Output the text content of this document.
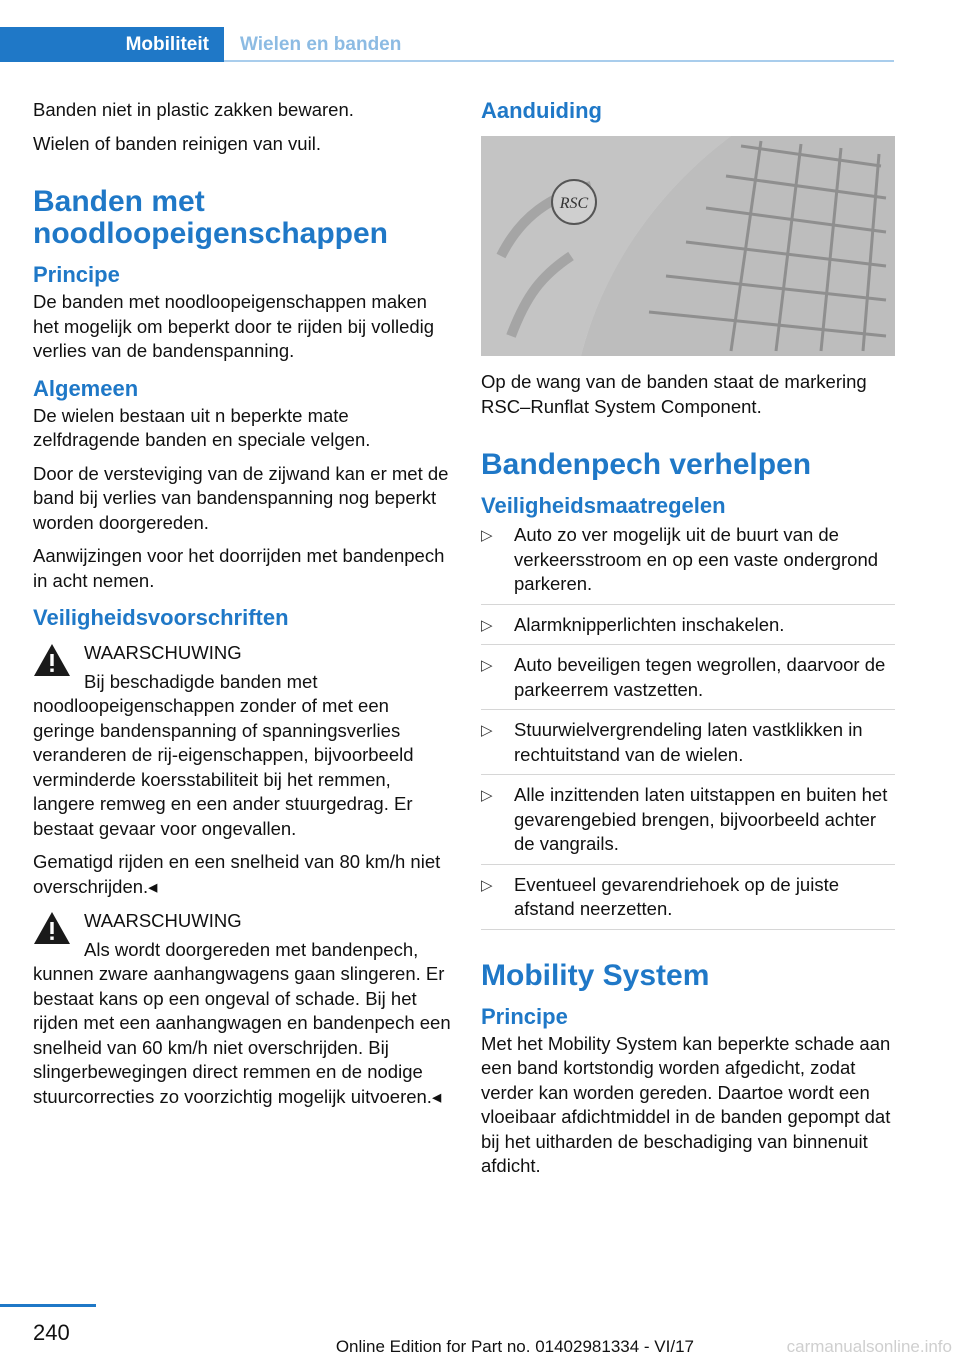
Mobiliteit	Wielen en banden

Banden niet in plastic zakken bewaren.

Wielen of banden reinigen van vuil.

Banden met noodloopeigenschappen
Principe

De banden met noodloopeigenschappen maken het mogelijk om beperkt door te rijden bij volledig verlies van de bandenspanning.

Algemeen

De wielen bestaan uit n beperkte mate zelfdragende banden en speciale velgen.

Door de versteviging van de zijwand kan er met de band bij verlies van bandenspanning nog beperkt worden doorgereden.

Aanwijzingen voor het doorrijden met bandenpech in acht nemen.

Veiligheidsvoorschriften

WAARSCHUWING

Bij beschadigde banden met noodloopeigenschappen zonder of met een geringe bandenspanning of spanningsverlies veranderen de rij-eigenschappen, bijvoorbeeld verminderde koersstabiliteit bij het remmen, langere remweg en een ander stuurgedrag. Er bestaat gevaar voor ongevallen.

Gematigd rijden en een snelheid van 80 km/h niet overschrijden.◂

WAARSCHUWING

Als wordt doorgereden met bandenpech, kunnen zware aanhangwagens gaan slingeren. Er bestaat kans op een ongeval of schade. Bij het rijden met een aanhangwagen en bandenpech een snelheid van 60 km/h niet overschrijden. Bij slingerbewegingen direct remmen en de nodige stuurcorrecties zo voorzichtig mogelijk uitvoeren.◂

Aanduiding
RSC

Op de wang van de banden staat de markering RSC–Runflat System Component.

Bandenpech verhelpen
Veiligheidsmaatregelen
▷ Auto zo ver mogelijk uit de buurt van de verkeersstroom en op een vaste ondergrond parkeren.
▷ Alarmknipperlichten inschakelen.
▷ Auto beveiligen tegen wegrollen, daarvoor de parkeerrem vastzetten.
▷ Stuurwielvergrendeling laten vastklikken in rechtuitstand van de wielen.
▷ Alle inzittenden laten uitstappen en buiten het gevarengebied brengen, bijvoorbeeld achter de vangrails.
▷ Eventueel gevarendriehoek op de juiste afstand neerzetten.
Mobility System
Principe

Met het Mobility System kan beperkte schade aan een band kortstondig worden afgedicht, zodat verder kan worden gereden. Daartoe wordt een vloeibaar afdichtmiddel in de banden gepompt dat bij het uitharden de beschadiging van binnenuit afdicht.

240
Online Edition for Part no. 01402981334 - VI/17	carmanualsonline.info
